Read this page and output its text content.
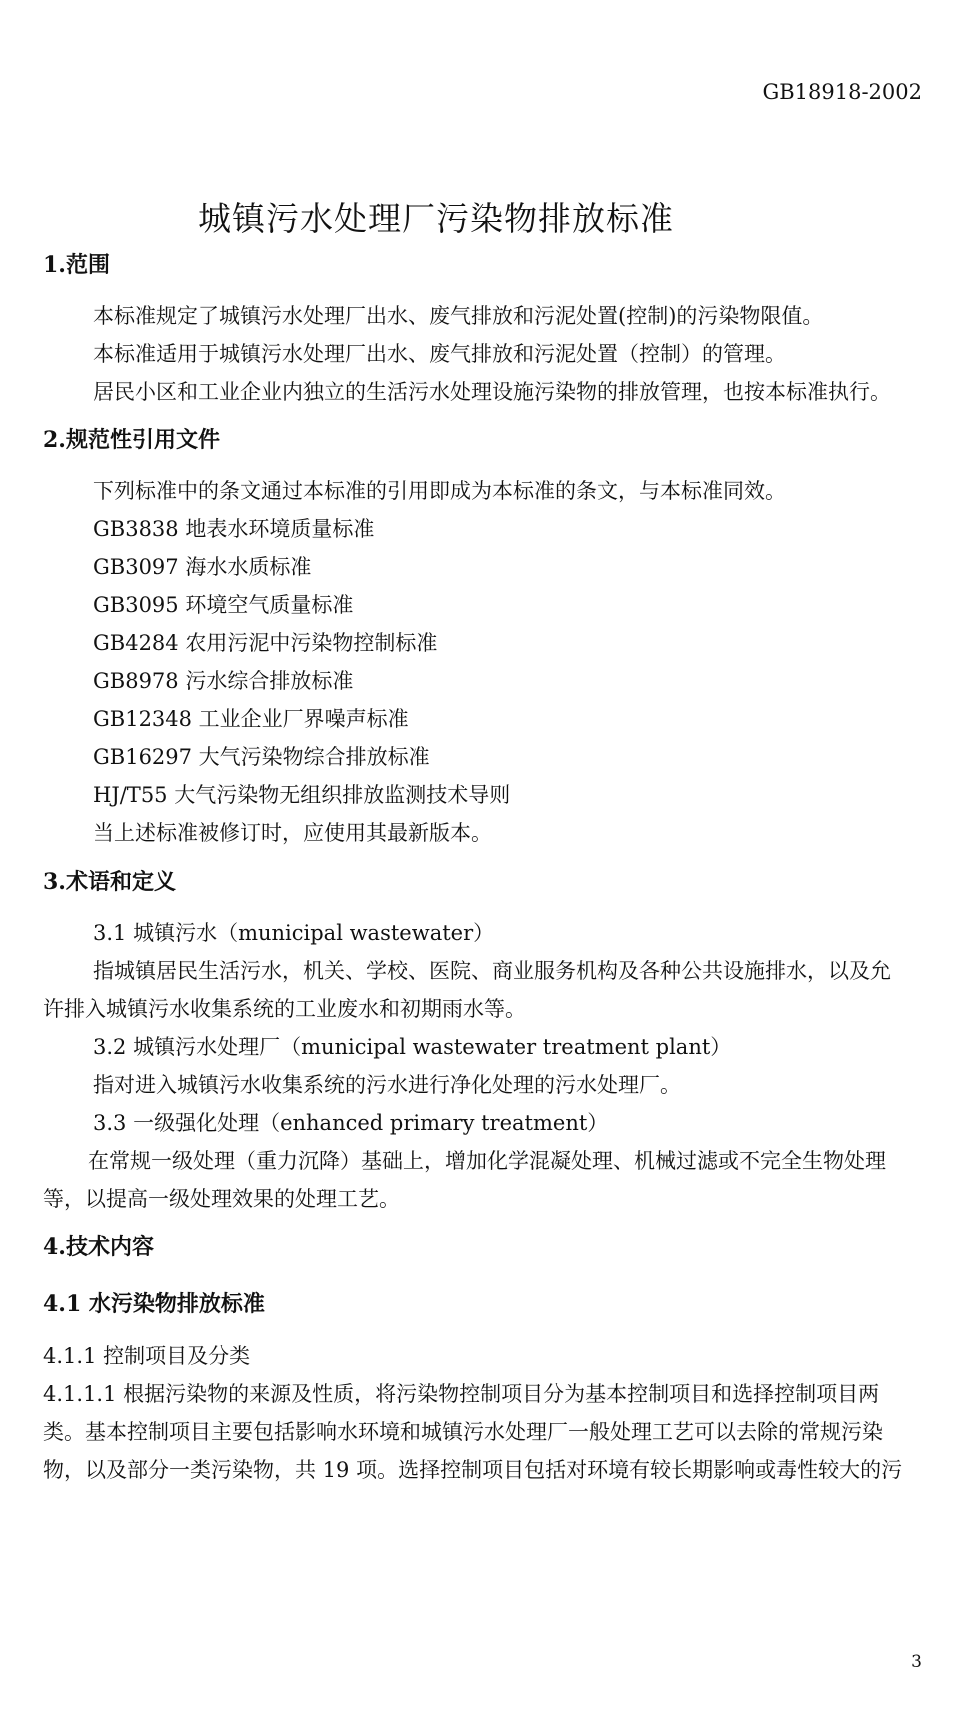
GB18918-2002
城镇污水处理厂污染物排放标准
1.范围
本标准规定了城镇污水处理厂出水、废气排放和污泥处置(控制)的污染物限值。
本标准适用于城镇污水处理厂出水、废气排放和污泥处置（控制）的管理。
居民小区和工业企业内独立的生活污水处理设施污染物的排放管理，也按本标准执行。
2.规范性引用文件
下列标准中的条文通过本标准的引用即成为本标准的条文，与本标准同效。
GB3838 地表水环境质量标准
GB3097 海水水质标准
GB3095 环境空气质量标准
GB4284 农用污泥中污染物控制标准
GB8978 污水综合排放标准
GB12348 工业企业厂界噪声标准
GB16297 大气污染物综合排放标准
HJ/T55 大气污染物无组织排放监测技术导则
当上述标准被修订时，应使用其最新版本。
3.术语和定义
3.1 城镇污水（municipal wastewater）
指城镇居民生活污水，机关、学校、医院、商业服务机构及各种公共设施排水，以及允
许排入城镇污水收集系统的工业废水和初期雨水等。
3.2 城镇污水处理厂（municipal wastewater treatment plant）
指对进入城镇污水收集系统的污水进行净化处理的污水处理厂。
3.3 一级强化处理（enhanced primary treatment）
在常规一级处理（重力沉降）基础上，增加化学混凝处理、机械过滤或不完全生物处理
等，以提高一级处理效果的处理工艺。
4.技术内容
4.1 水污染物排放标准
4.1.1 控制项目及分类
4.1.1.1 根据污染物的来源及性质，将污染物控制项目分为基本控制项目和选择控制项目两
类。基本控制项目主要包括影响水环境和城镇污水处理厂一般处理工艺可以去除的常规污染
物，以及部分一类污染物，共 19 项。选择控制项目包括对环境有较长期影响或毒性较大的污
3
